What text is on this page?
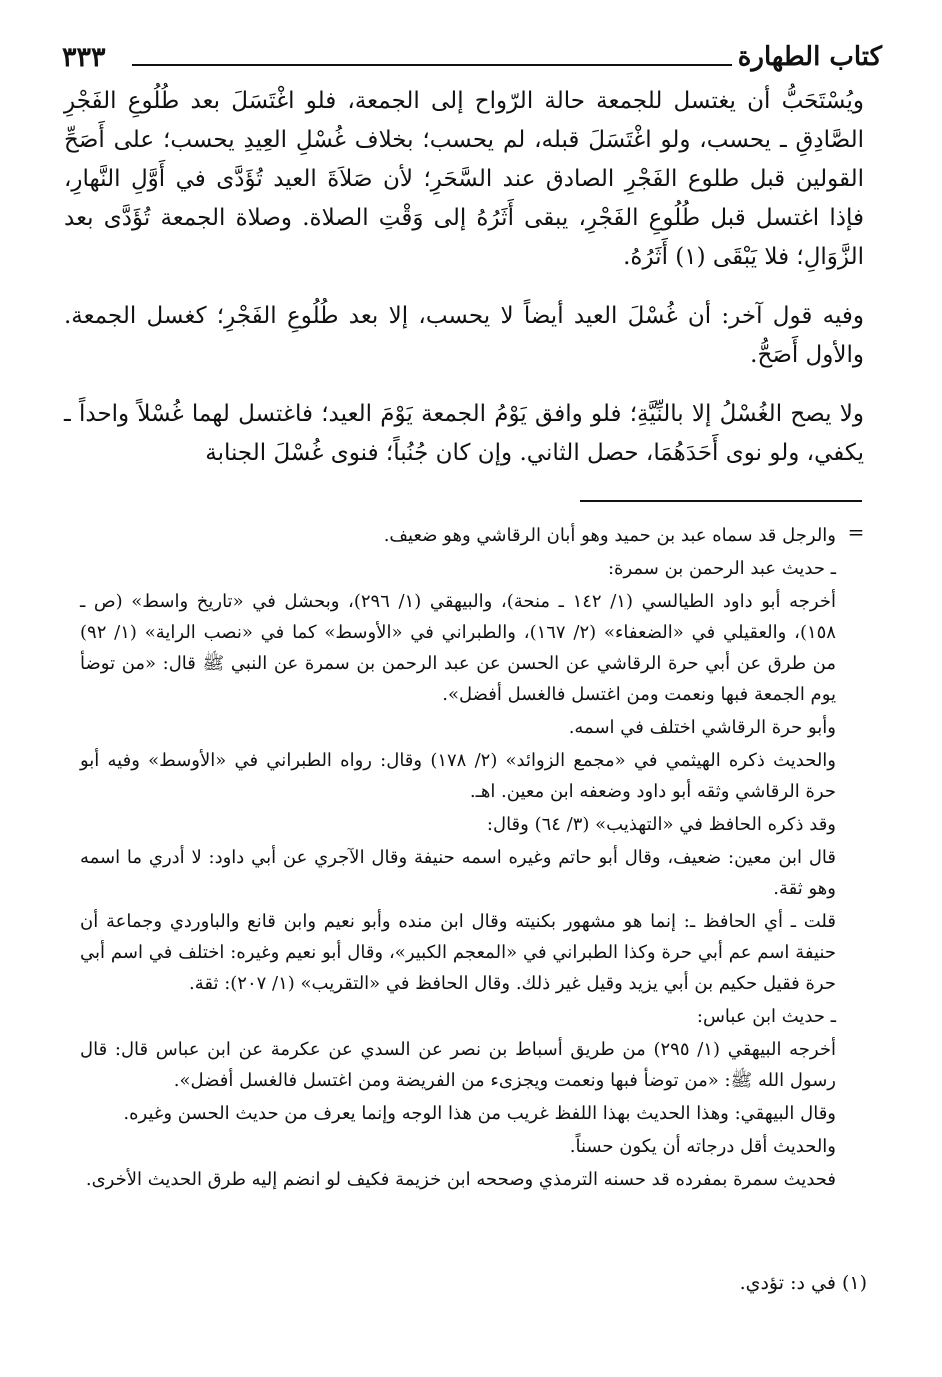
٣٣٣	كتاب الطهارة

ويُسْتَحَبُّ أن يغتسل للجمعة حالة الرّواح إلى الجمعة، فلو اغْتَسَلَ بعد طُلُوعِ الفَجْرِ الصَّادِقِ ـ يحسب، ولو اغْتَسَلَ قبله، لم يحسب؛ بخلاف غُسْلِ العِيدِ يحسب؛ على أَصَحِّ القولين قبل طلوع الفَجْرِ الصادق عند السَّحَرِ؛ لأن صَلاَةَ العيد تُؤَدَّى في أَوَّلِ النَّهارِ، فإذا اغتسل قبل طُلُوعِ الفَجْرِ، يبقى أَثَرُهُ إلى وَقْتِ الصلاة. وصلاة الجمعة تُؤَدَّى بعد الزَّوَالِ؛ فلا يَبْقَى (١) أَثَرُهُ.

وفيه قول آخر: أن غُسْلَ العيد أيضاً لا يحسب، إلا بعد طُلُوعِ الفَجْرِ؛ كغسل الجمعة. والأول أَصَحُّ.

ولا يصح الغُسْلُ إلا بالنِّيَّةِ؛ فلو وافق يَوْمُ الجمعة يَوْمَ العيد؛ فاغتسل لهما غُسْلاً واحداً ـ يكفي، ولو نوى أَحَدَهُمَا، حصل الثاني. وإن كان جُنُباً؛ فنوى غُسْلَ الجنابة

=

والرجل قد سماه عبد بن حميد وهو أبان الرقاشي وهو ضعيف.

ـ حديث عبد الرحمن بن سمرة:

أخرجه أبو داود الطيالسي (١/ ١٤٢ ـ منحة)، والبيهقي (١/ ٢٩٦)، وبحشل في «تاريخ واسط» (ص ـ ١٥٨)، والعقيلي في «الضعفاء» (٢/ ١٦٧)، والطبراني في «الأوسط» كما في «نصب الراية» (١/ ٩٢) من طرق عن أبي حرة الرقاشي عن الحسن عن عبد الرحمن بن سمرة عن النبي ﷺ قال: «من توضأ يوم الجمعة فبها ونعمت ومن اغتسل فالغسل أفضل».

وأبو حرة الرقاشي اختلف في اسمه.

والحديث ذكره الهيثمي في «مجمع الزوائد» (٢/ ١٧٨) وقال: رواه الطبراني في «الأوسط» وفيه أبو حرة الرقاشي وثقه أبو داود وضعفه ابن معين. اهـ.

وقد ذكره الحافظ في «التهذيب» (٣/ ٦٤) وقال:

قال ابن معين: ضعيف، وقال أبو حاتم وغيره اسمه حنيفة وقال الآجري عن أبي داود: لا أدري ما اسمه وهو ثقة.

قلت ـ أي الحافظ ـ: إنما هو مشهور بكنيته وقال ابن منده وأبو نعيم وابن قانع والباوردي وجماعة أن حنيفة اسم عم أبي حرة وكذا الطبراني في «المعجم الكبير»، وقال أبو نعيم وغيره: اختلف في اسم أبي حرة فقيل حكيم بن أبي يزيد وقيل غير ذلك. وقال الحافظ في «التقريب» (١/ ٢٠٧): ثقة.

ـ حديث ابن عباس:

أخرجه البيهقي (١/ ٢٩٥) من طريق أسباط بن نصر عن السدي عن عكرمة عن ابن عباس قال: قال رسول الله ﷺ: «من توضأ فبها ونعمت ويجزىء من الفريضة ومن اغتسل فالغسل أفضل».

وقال البيهقي: وهذا الحديث بهذا اللفظ غريب من هذا الوجه وإنما يعرف من حديث الحسن وغيره.

والحديث أقل درجاته أن يكون حسناً.

فحديث سمرة بمفرده قد حسنه الترمذي وصححه ابن خزيمة فكيف لو انضم إليه طرق الحديث الأخرى.

(١) في د: تؤدي.
